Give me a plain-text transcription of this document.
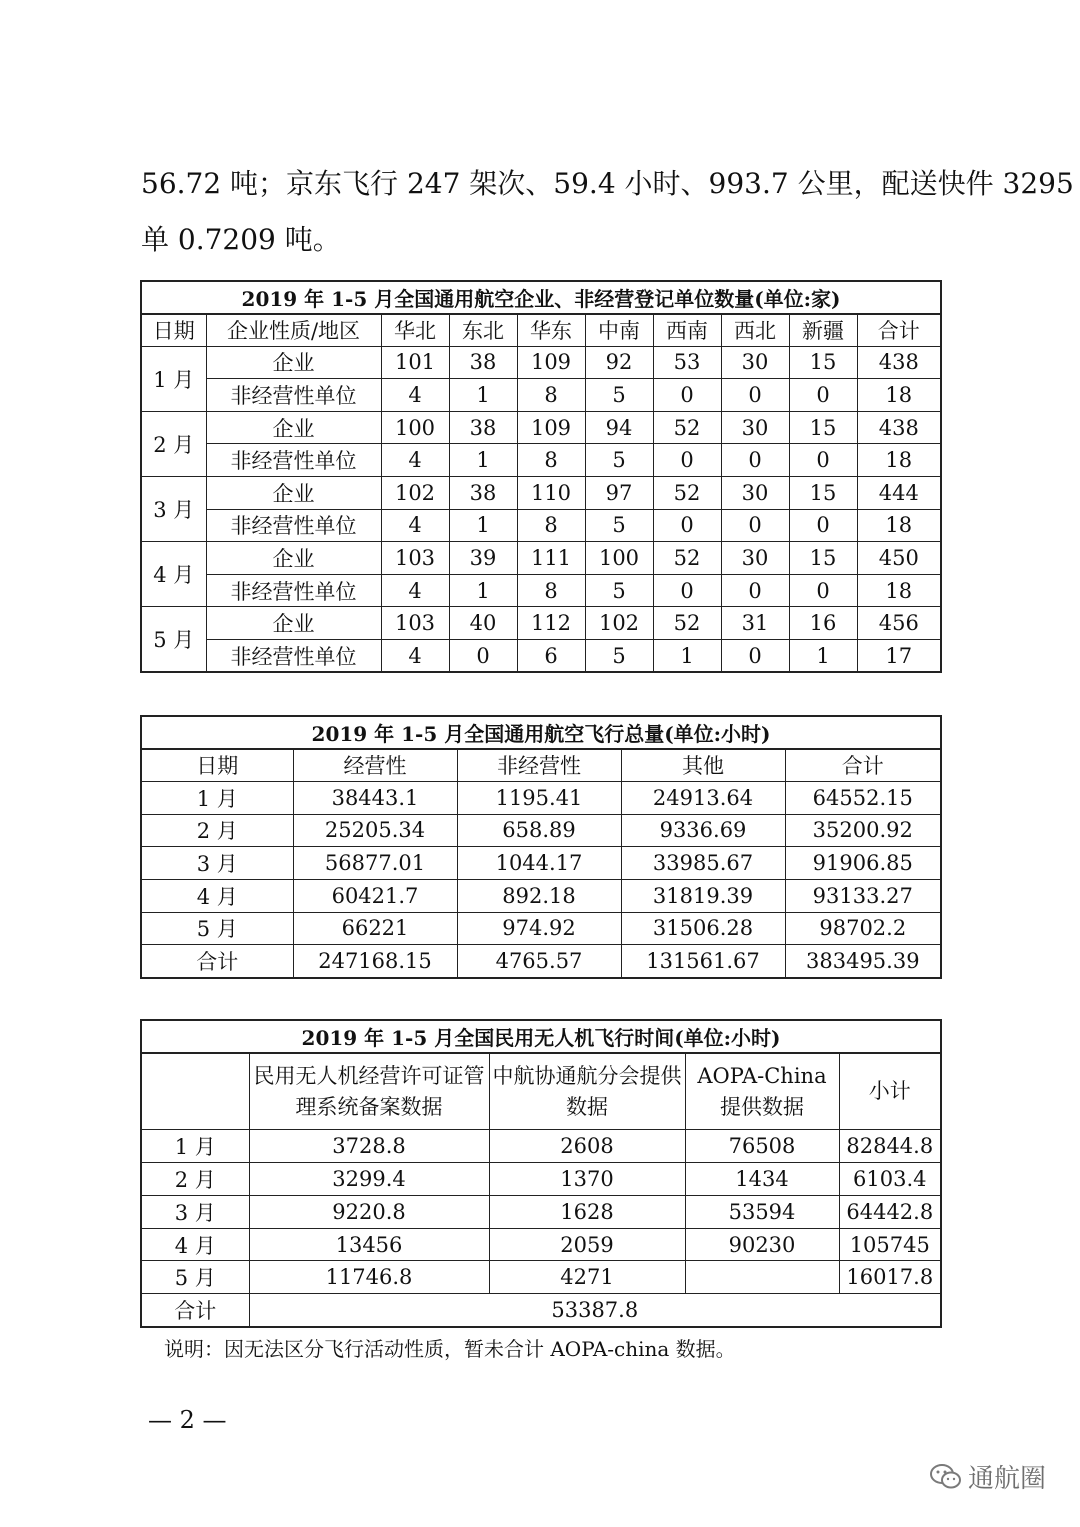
56.72 吨；京东飞行 247 架次、59.4 小时、993.7 公里，配送快件 3295
单 0.7209 吨。
2019 年 1-5 月全国通用航空企业、非经营登记单位数量(单位:家)									
日期	企业性质/地区	华北	东北	华东	中南	西南	西北	新疆	合计
1 月	企业	101	38	109	92	53	30	15	438
	非经营性单位	4	1	8	5	0	0	0	18
2 月	企业	100	38	109	94	52	30	15	438
	非经营性单位	4	1	8	5	0	0	0	18
3 月	企业	102	38	110	97	52	30	15	444
	非经营性单位	4	1	8	5	0	0	0	18
4 月	企业	103	39	111	100	52	30	15	450
	非经营性单位	4	1	8	5	0	0	0	18
5 月	企业	103	40	112	102	52	31	16	456
	非经营性单位	4	0	6	5	1	0	1	17
2019 年 1-5 月全国通用航空飞行总量(单位:小时)				
日期	经营性	非经营性	其他	合计
1 月	38443.1	1195.41	24913.64	64552.15
2 月	25205.34	658.89	9336.69	35200.92
3 月	56877.01	1044.17	33985.67	91906.85
4 月	60421.7	892.18	31819.39	93133.27
5 月	66221	974.92	31506.28	98702.2
合计	247168.15	4765.57	131561.67	383495.39
2019 年 1-5 月全国民用无人机飞行时间(单位:小时)				
	民用无人机经营许可证管理系统备案数据	中航协通航分会提供数据	AOPA-China 提供数据	小计
1 月	3728.8	2608	76508	82844.8
2 月	3299.4	1370	1434	6103.4
3 月	9220.8	1628	53594	64442.8
4 月	13456	2059	90230	105745
5 月	11746.8	4271		16017.8
合计	53387.8			
说明：因无法区分飞行活动性质，暂未合计 AOPA-china 数据。
— 2 —
通航圈
